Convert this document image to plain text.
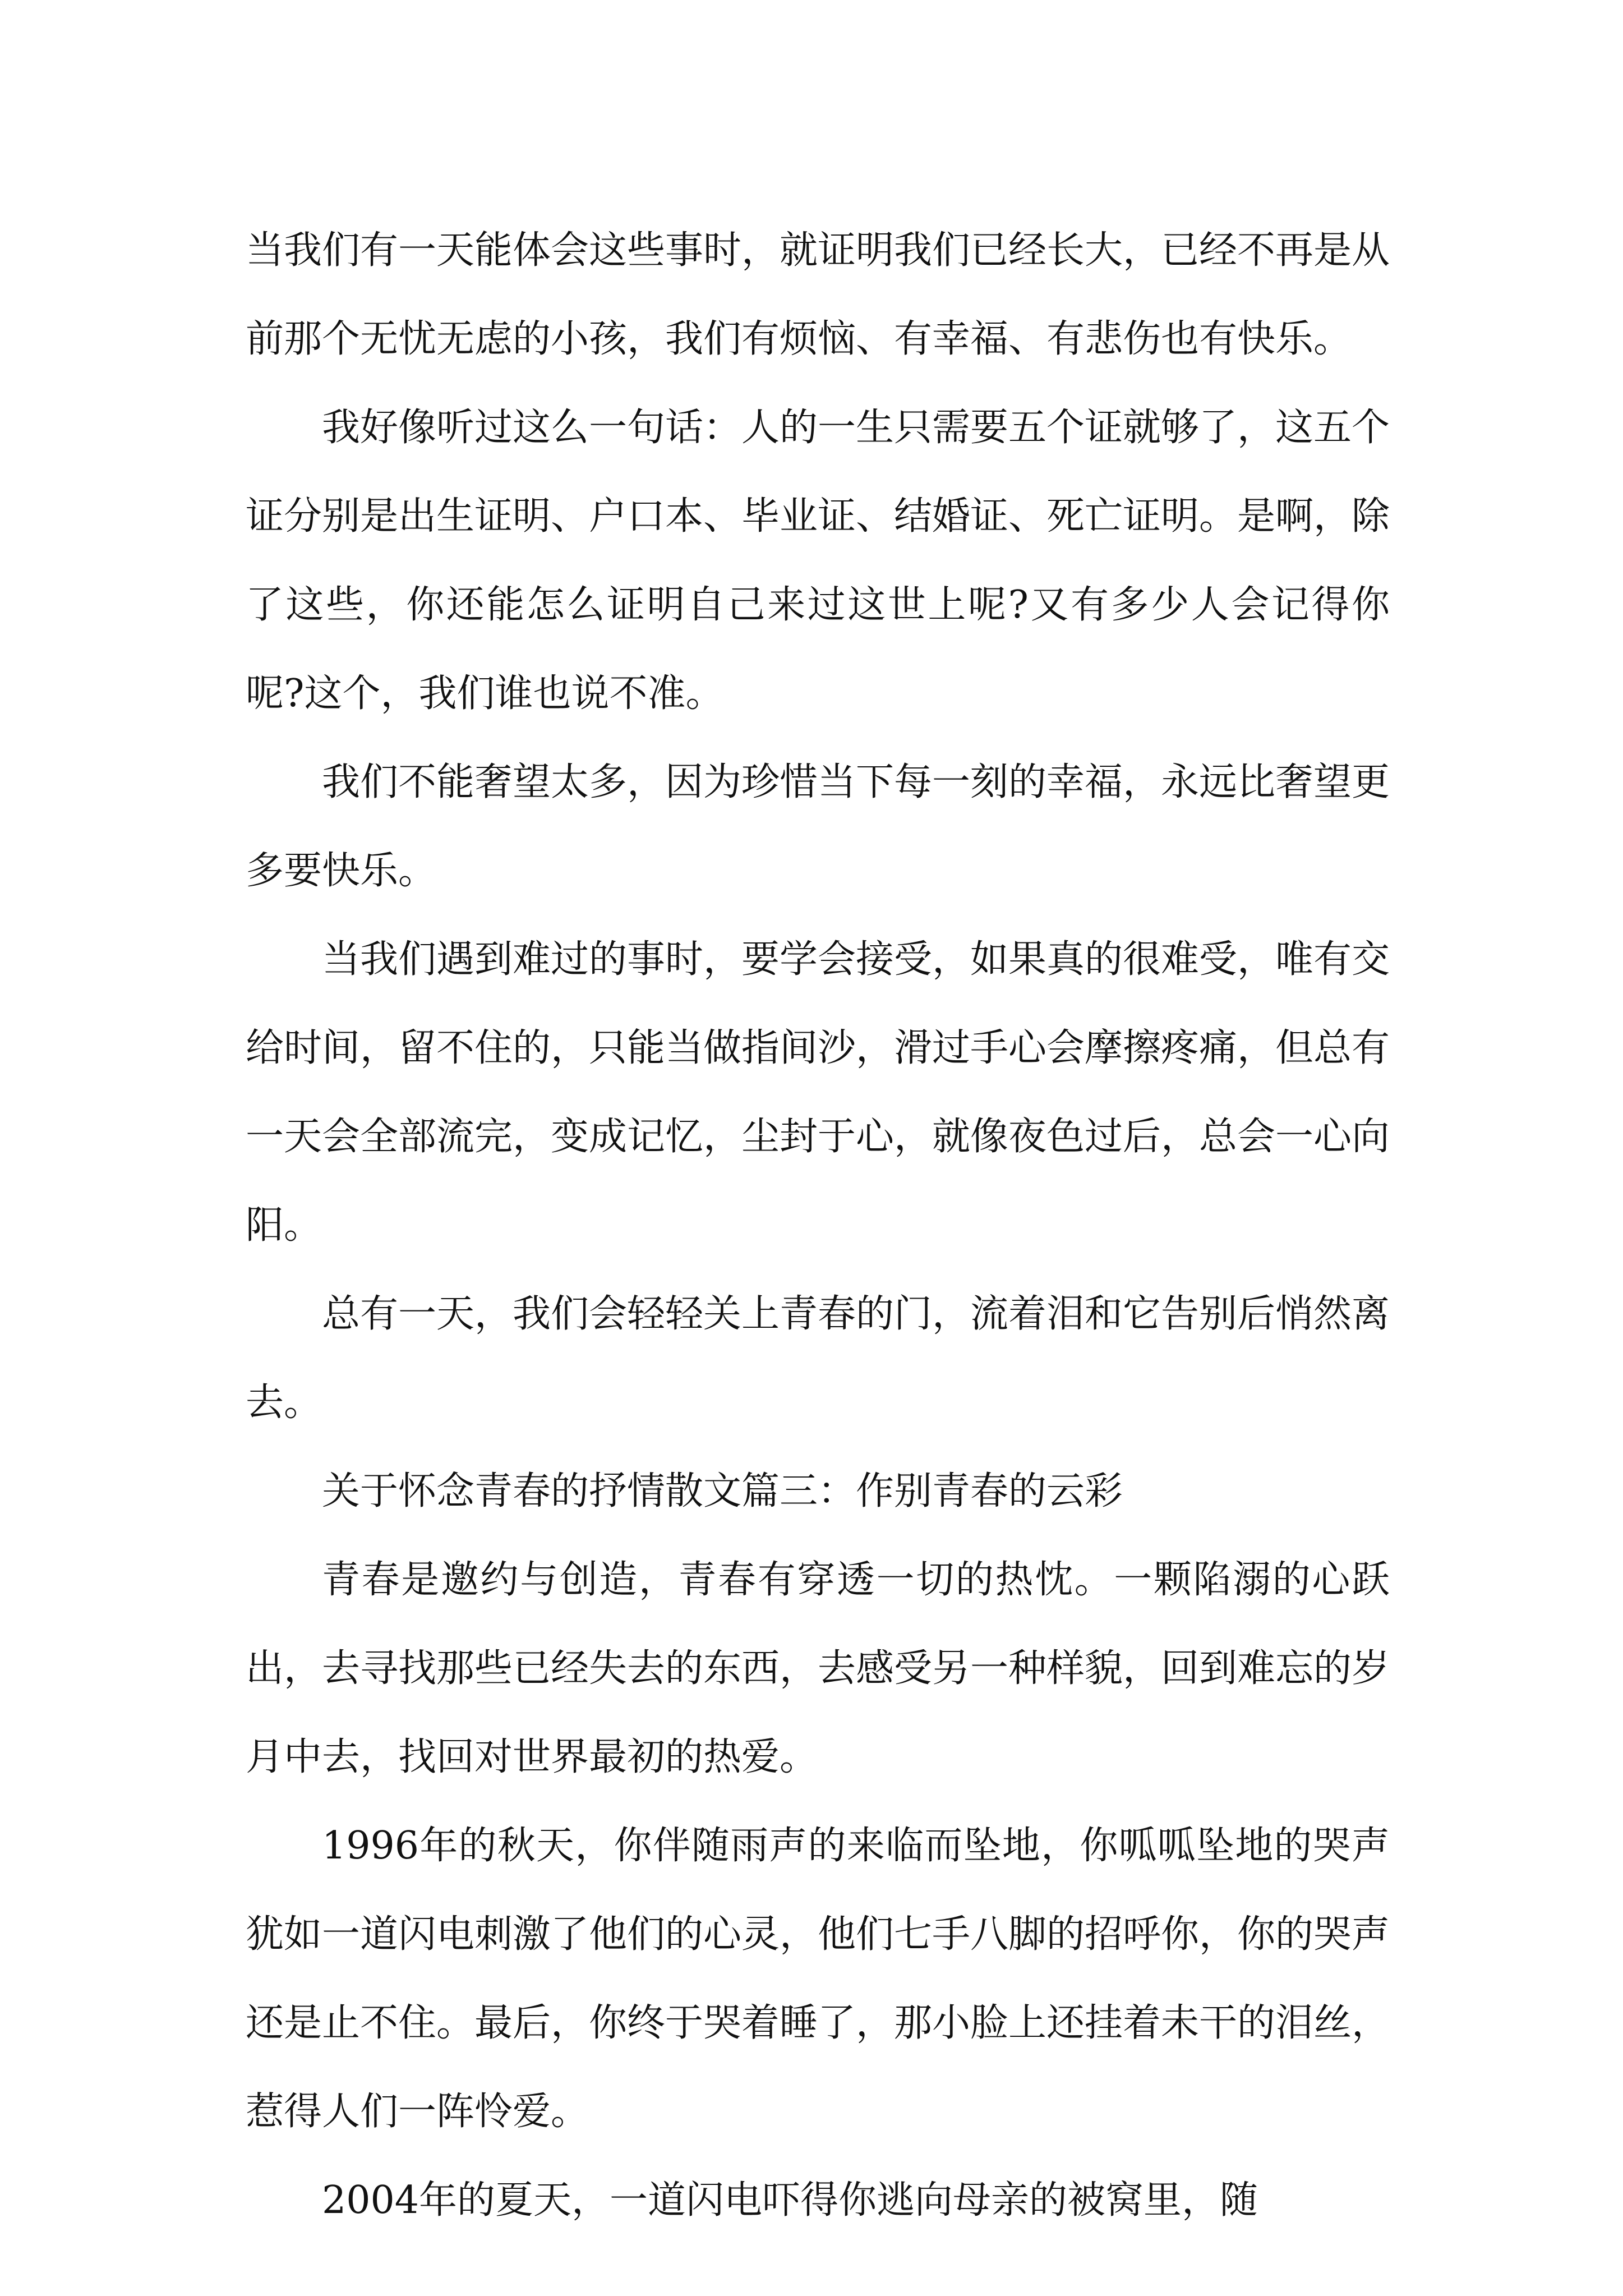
当我们有一天能体会这些事时，就证明我们已经长大，已经不再是从前那个无忧无虑的小孩，我们有烦恼、有幸福、有悲伤也有快乐。

我好像听过这么一句话：人的一生只需要五个证就够了，这五个证分别是出生证明、户口本、毕业证、结婚证、死亡证明。是啊，除了这些，你还能怎么证明自己来过这世上呢?又有多少人会记得你呢?这个，我们谁也说不准。

我们不能奢望太多，因为珍惜当下每一刻的幸福，永远比奢望更多要快乐。

当我们遇到难过的事时，要学会接受，如果真的很难受，唯有交给时间，留不住的，只能当做指间沙，滑过手心会摩擦疼痛，但总有一天会全部流完，变成记忆，尘封于心，就像夜色过后，总会一心向阳。

总有一天，我们会轻轻关上青春的门，流着泪和它告别后悄然离去。

关于怀念青春的抒情散文篇三：作别青春的云彩

青春是邀约与创造，青春有穿透一切的热忱。一颗陷溺的心跃出，去寻找那些已经失去的东西，去感受另一种样貌，回到难忘的岁月中去，找回对世界最初的热爱。

1996年的秋天，你伴随雨声的来临而坠地，你呱呱坠地的哭声犹如一道闪电刺激了他们的心灵，他们七手八脚的招呼你，你的哭声还是止不住。最后，你终于哭着睡了，那小脸上还挂着未干的泪丝，惹得人们一阵怜爱。

2004年的夏天，一道闪电吓得你逃向母亲的被窝里，随
